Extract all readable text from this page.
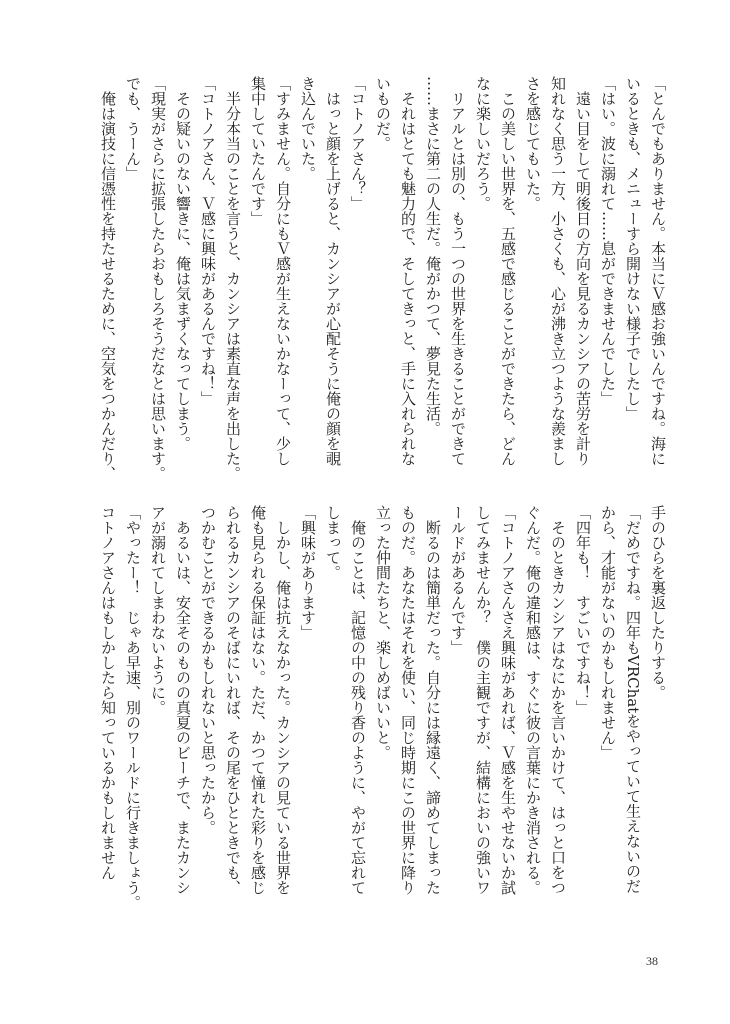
「とんでもありません。本当にＶ感お強いんですね。海に
いるときも、メニューすら開けない様子でしたし」
「はい。波に溺れて……息ができませんでした」
　遠い目をして明後日の方向を見るカンシアの苦労を計り
知れなく思う一方、小さくも、心が沸き立つような羨まし
さを感じてもいた。
　この美しい世界を、五感で感じることができたら、どん
なに楽しいだろう。
　リアルとは別の、もう一つの世界を生きることができて
……まさに第二の人生だ。俺がかつて、夢見た生活。
　それはとても魅力的で、そしてきっと、手に入れられな
いものだ。
「コトノアさん？」
　はっと顔を上げると、カンシアが心配そうに俺の顔を覗
き込んでいた。
「すみません。自分にもＶ感が生えないかなーって、少し
集中していたんです」
　半分本当のことを言うと、カンシアは素直な声を出した。
「コトノアさん、Ｖ感に興味があるんですね！」
　その疑いのない響きに、俺は気まずくなってしまう。
「現実がさらに拡張したらおもしろそうだなとは思います。
でも、うーん」
　俺は演技に信憑性を持たせるために、空気をつかんだり、
手のひらを裏返したりする。
「だめですね。四年もVRChatをやっていて生えないのだ
から、才能がないのかもしれません」
「四年も！　すごいですね！」
　そのときカンシアはなにかを言いかけて、はっと口をつ
ぐんだ。俺の違和感は、すぐに彼の言葉にかき消される。
「コトノアさんさえ興味があれば、Ｖ感を生やせないか試
してみませんか？　僕の主観ですが、結構においの強いワ
ールドがあるんです」
　断るのは簡単だった。自分には縁遠く、諦めてしまった
ものだ。あなたはそれを使い、同じ時期にこの世界に降り
立った仲間たちと、楽しめばいいと。
　俺のことは、記憶の中の残り香のように、やがて忘れて
しまって。
「興味があります」
　しかし、俺は抗えなかった。カンシアの見ている世界を
俺も見られる保証はない。ただ、かつて憧れた彩りを感じ
られるカンシアのそばにいれば、その尾をひとときでも、
つかむことができるかもしれないと思ったから。
　あるいは、安全そのものの真夏のビーチで、またカンシ
アが溺れてしまわないように。
「やったー！　じゃあ早速、別のワールドに行きましょう。
コトノアさんはもしかしたら知っているかもしれません
38
